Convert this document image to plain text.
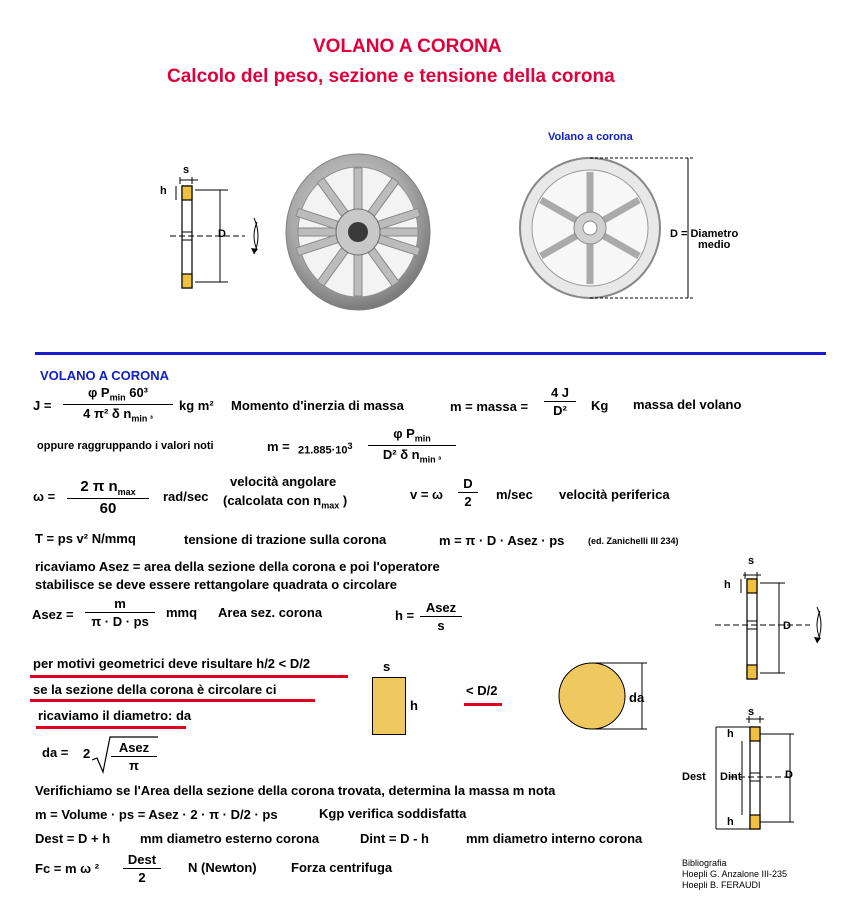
VOLANO A CORONA
Calcolo del peso, sezione e tensione della corona
s
h
D
Volano a corona
D = Diametro
medio
VOLANO A CORONA
J =
φ $P_{min}$ 60³
4 π² δ $n_{min ^3}$
kg m² Momento d'inerzia di massa	m = massa = $\frac{4 J}{\text{D²}}$ Kg massa del volano
oppure raggruppando i valori noti	$m = 21.885\cdot 10^3$
φ $P_{min}$
D² δ $n_{min ^3}$
ω =
2 π $n_{max}$
60
rad/sec
velocità angolare
(calcolata con $n_{max}$ )	v = ω $\frac{D}{2} m/\sec$ velocità periferica
T = ps v² N/mmq	tensione di trazione sulla corona	m = π · D · Asez · ps	(ed. Zanichelli III 234)
ricaviamo Asez = area della sezione della corona e poi l'operatore
stabilisce se deve essere rettangolare quadrata o circolare
Asez = $\frac{m}{\pi \cdot D \cdot ps}$ mmq Area sez. corona	h =
Asez
s
per motivi geometrici deve risultare h/2 < D/2
se la sezione della corona è circolare ci
ricaviamo il diametro: da
s
h
< D/2	da
da = 2	Asez
π
Verifichiamo se l'Area della sezione della corona trovata, determina la massa m nota
m = Volume · ps = Asez · 2 · π · D/2 · ps	Kgp verifica soddisfatta
Dest = D + h mm diametro esterno corona	Dint = D - h	mm diametro interno corona
Fc = m ω ²
Dest
2
N (Newton)	Forza centrifuga
s
h
D
s
h
h
Dest Dint	D
Bibliografia
Hoepli G. Anzalone III-235
Hoepli B. FERAUDI
